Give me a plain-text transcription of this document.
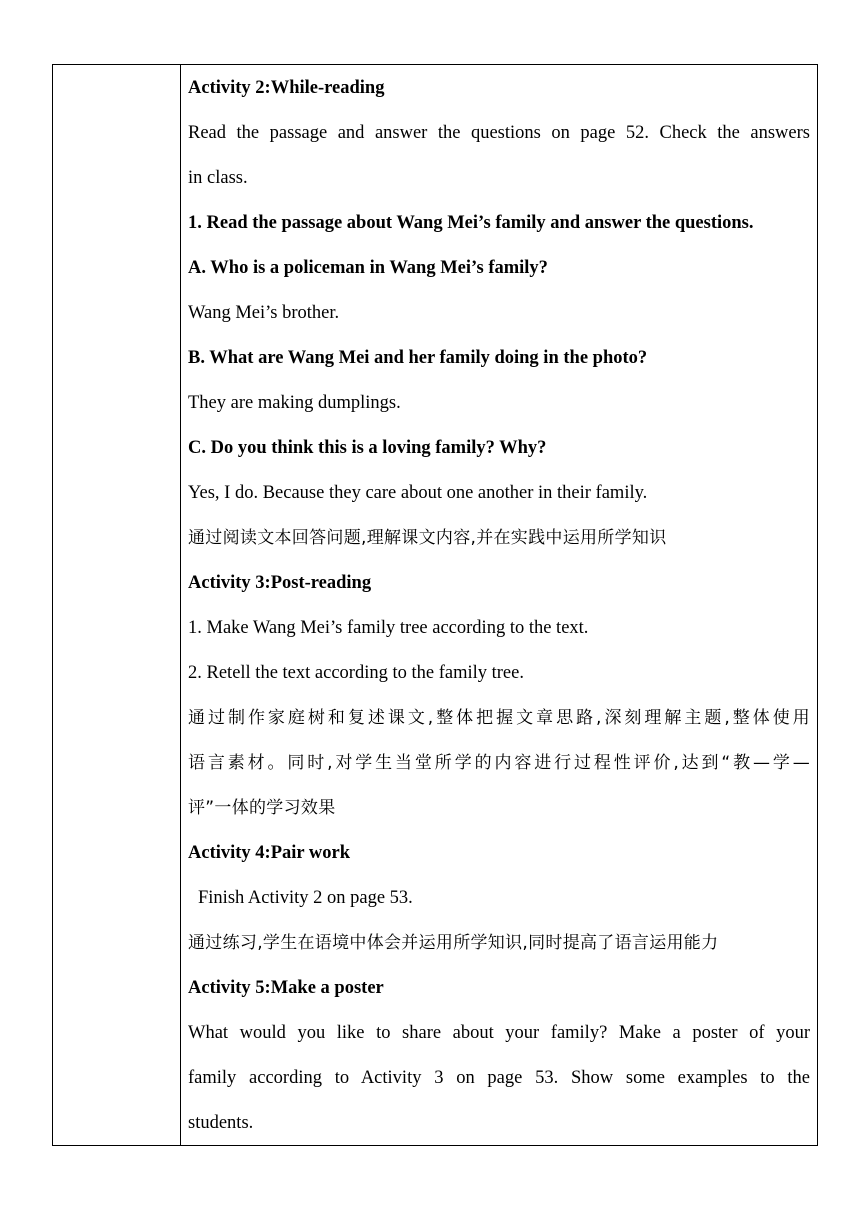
Activity 2:While-reading
Read the passage and answer the questions on page 52. Check the answers
in class.
1. Read the passage about Wang Mei’s family and answer the questions.
A. Who is a policeman in Wang Mei’s family?
Wang Mei’s brother.
B. What are Wang Mei and her family doing in the photo?
They are making dumplings.
C. Do you think this is a loving family? Why?
Yes, I do. Because they care about one another in their family.
通过阅读文本回答问题,理解课文内容,并在实践中运用所学知识
Activity 3:Post-reading
1. Make Wang Mei’s family tree according to the text.
2. Retell the text according to the family tree.
通过制作家庭树和复述课文,整体把握文章思路,深刻理解主题,整体使用
语言素材。同时,对学生当堂所学的内容进行过程性评价,达到“教—学—
评”一体的学习效果
Activity 4:Pair work
Finish Activity 2 on page 53.
通过练习,学生在语境中体会并运用所学知识,同时提高了语言运用能力
Activity 5:Make a poster
What would you like to share about your family? Make a poster of your
family according to Activity 3 on page 53. Show some examples to the
students.
